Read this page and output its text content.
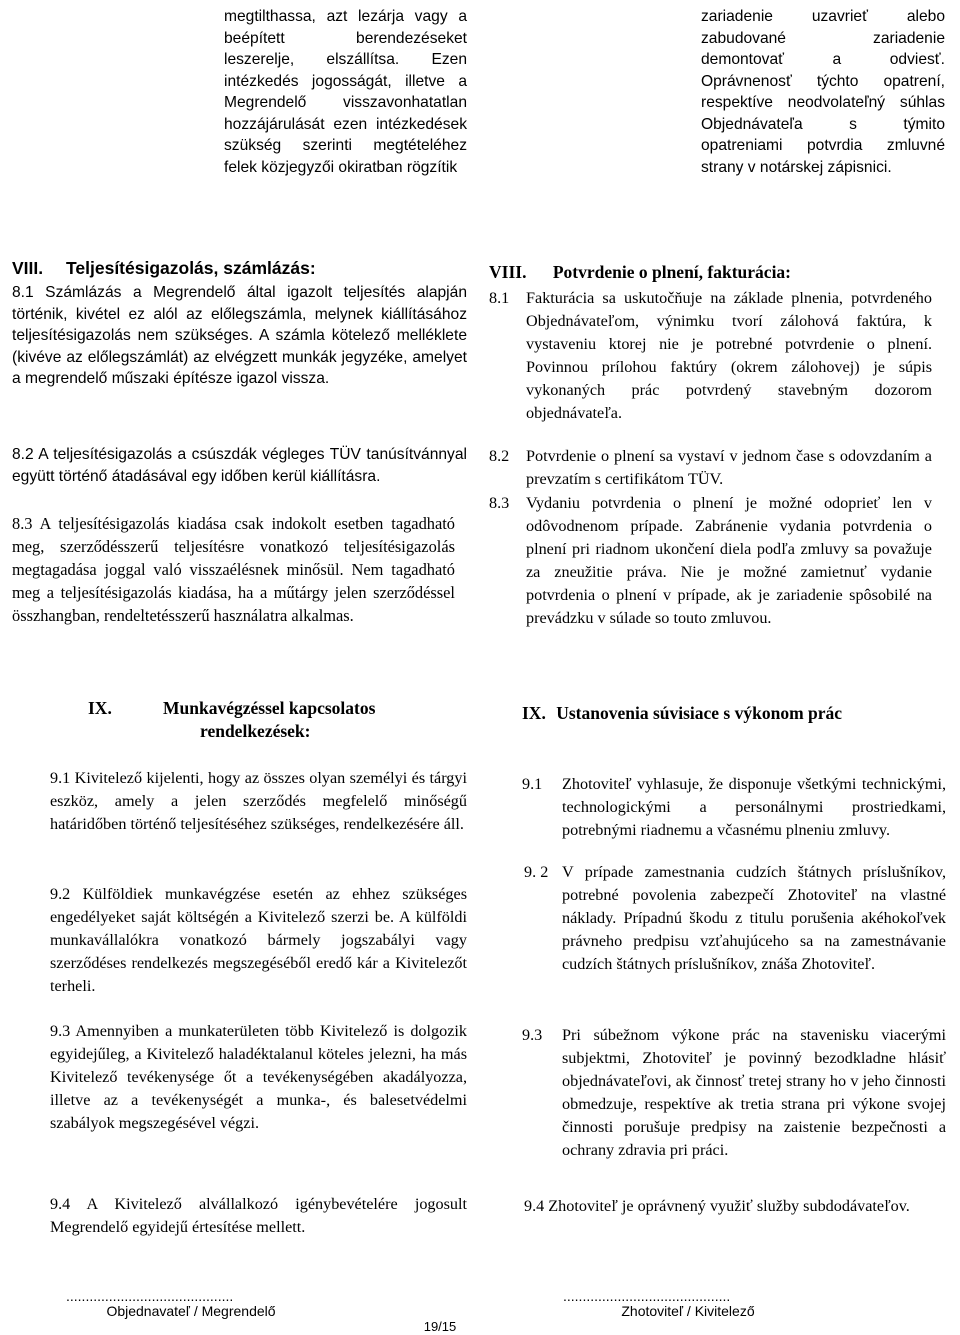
megtilthassa, azt lezárja vagy a beépített berendezéseket leszerelje, elszállítsa. Ezen intézkedés jogosságát, illetve a Megrendelő visszavonhatatlan hozzájárulását ezen intézkedések szükség szerinti megtételéhez felek közjegyzői okiratban rögzítik
zariadenie uzavrieť alebo zabudované zariadenie demontovať a odviesť. Oprávnenosť týchto opatrení, respektíve neodvolateľný súhlas Objednávateľa s týmito opatreniami potvrdia zmluvné strany v notárskej zápisnici.
VIII. Teljesítésigazolás, számlázás:
8.1 Számlázás a Megrendelő által igazolt teljesítés alapján történik, kivétel ez alól az előlegszámla, melynek kiállításához teljesítésigazolás nem szükséges. A számla kötelező melléklete (kivéve az előlegszámlát) az elvégzett munkák jegyzéke, amelyet a megrendelő műszaki építésze igazol vissza.
8.2 A teljesítésigazolás a csúszdák végleges TÜV tanúsítvánnyal együtt történő átadásával egy időben kerül kiállításra.
8.3 A teljesítésigazolás kiadása csak indokolt esetben tagadható meg, szerződésszerű teljesítésre vonatkozó teljesítésigazolás megtagadása joggal való visszaélésnek minősül. Nem tagadható meg a teljesítésigazolás kiadása, ha a műtárgy jelen szerződéssel összhangban, rendeltetésszerű használatra alkalmas.
VIII. Potvrdenie o plnení, fakturácia:
8.1 Fakturácia sa uskutočňuje na základe plnenia, potvrdeného Objednávateľom, výnimku tvorí zálohová faktúra, k vystaveniu ktorej nie je potrebné potvrdenie o plnení. Povinnou prílohou faktúry (okrem zálohovej) je súpis vykonaných prác potvrdený stavebným dozorom objednávateľa.
8.2 Potvrdenie o plnení sa vystaví v jednom čase s odovzdaním a prevzatím s certifikátom TÜV.
8.3 Vydaniu potvrdenia o plnení je možné odoprieť len v odôvodnenom prípade. Zabránenie vydania potvrdenia o plnení pri riadnom ukončení diela podľa zmluvy sa považuje za zneužitie práva. Nie je možné zamietnuť vydanie potvrdenia o plnení v prípade, ak je zariadenie spôsobilé na prevádzku v súlade so touto zmluvou.
IX.	Munkavégzéssel kapcsolatos
rendelkezések:
9.1 Kivitelező kijelenti, hogy az összes olyan személyi és tárgyi eszköz, amely a jelen szerződés megfelelő minőségű határidőben történő teljesítéséhez szükséges, rendelkezésére áll.
9.2 Külföldiek munkavégzése esetén az ehhez szükséges engedélyeket saját költségén a Kivitelező szerzi be. A külföldi munkavállalókra vonatkozó bármely jogszabályi vagy szerződéses rendelkezés megszegéséből eredő kár a Kivitelezőt terheli.
9.3 Amennyiben a munkaterületen több Kivitelező is dolgozik egyidejűleg, a Kivitelező haladéktalanul köteles jelezni, ha más Kivitelező tevékenysége őt a tevékenységében akadályozza, illetve az a tevékenységét a munka-, és balesetvédelmi szabályok megszegésével végzi.
9.4 A Kivitelező alvállalkozó igénybevételére jogosult Megrendelő egyidejű értesítése mellett.
IX. Ustanovenia súvisiace s výkonom prác
9.1 Zhotoviteľ vyhlasuje, že disponuje všetkými technickými, technologickými a personálnymi prostriedkami, potrebnými riadnemu a včasnému plneniu zmluvy.
9. 2 V prípade zamestnania cudzích štátnych príslušníkov, potrebné povolenia zabezpečí Zhotoviteľ na vlastné náklady. Prípadnú škodu z titulu porušenia akéhokoľvek právneho predpisu vzťahujúceho sa na zamestnávanie cudzích štátnych príslušníkov, znáša Zhotoviteľ.
9.3 Pri súbežnom výkone prác na stavenisku viacerými subjektmi, Zhotoviteľ je povinný bezodkladne hlásiť objednávateľovi, ak činnosť tretej strany ho v jeho činnosti obmedzuje, respektíve ak tretia strana pri výkone svojej činnosti porušuje predpisy na zaistenie bezpečnosti a ochrany zdravia pri práci.
9.4 Zhotoviteľ je oprávnený využiť služby subdodávateľov.
...........................................
Objednavateľ / Megrendelő
...........................................
Zhotoviteľ / Kivitelező
19/15
